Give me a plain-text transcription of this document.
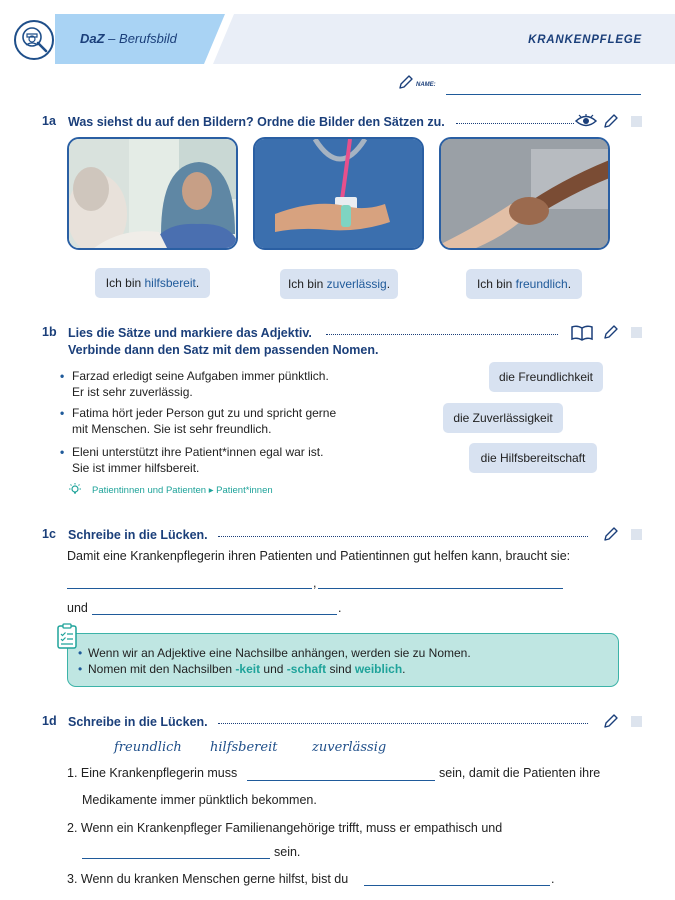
DaZ – Berufsbild	KRANKENPFLEGE
NAME:
1a Was siehst du auf den Bildern? Ordne die Bilder den Sätzen zu.
Ich bin hilfsbereit.	Ich bin zuverlässig.	Ich bin freundlich.
1b Lies die Sätze und markiere das Adjektiv.
Verbinde dann den Satz mit dem passenden Nomen.
• Farzad erledigt seine Aufgaben immer pünktlich.
Er ist sehr zuverlässig.
• Fatima hört jeder Person gut zu und spricht gerne
mit Menschen. Sie ist sehr freundlich.
• Eleni unterstützt ihre Patient*innen egal war ist.
Sie ist immer hilfsbereit.
die Freundlichkeit
die Zuverlässigkeit
die Hilfsbereitschaft
Patientinnen und Patienten ▸ Patient*innen
1c Schreibe in die Lücken.
Damit eine Krankenpflegerin ihren Patienten und Patientinnen gut helfen kann, braucht sie:
,
und	.
• Wenn wir an Adjektive eine Nachsilbe anhängen, werden sie zu Nomen.
• Nomen mit den Nachsilben -keit und -schaft sind weiblich.
1d Schreibe in die Lücken.
freundlich hilfsbereit	zuverlässig
1. Eine Krankenpflegerin muss	sein, damit die Patienten ihre
Medikamente immer pünktlich bekommen.
2. Wenn ein Krankenpfleger Familienangehörige trifft, muss er empathisch und
sein.
3. Wenn du kranken Menschen gerne hilfst, bist du	.
